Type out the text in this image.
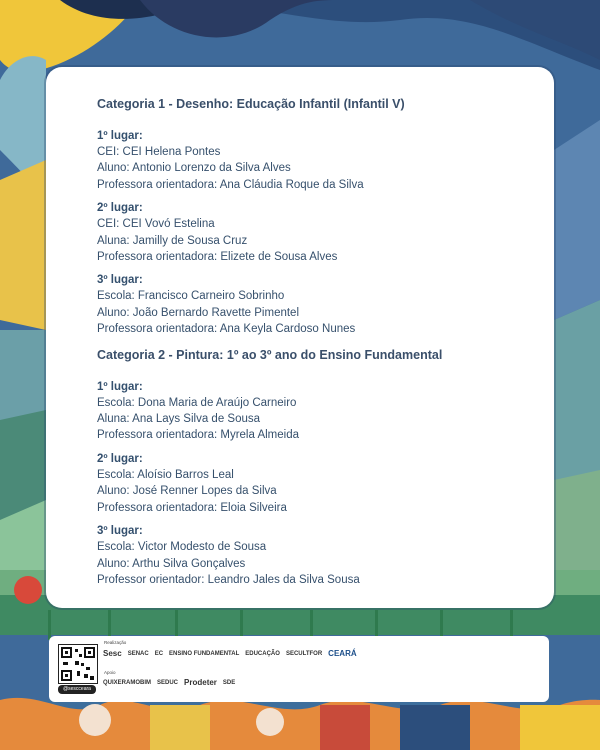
Categoria 1 - Desenho: Educação Infantil (Infantil V)
1º lugar:
CEI: CEI Helena Pontes
Aluno: Antonio Lorenzo da Silva Alves
Professora orientadora: Ana Cláudia Roque da Silva
2º lugar:
CEI: CEI Vovó Estelina
Aluna: Jamilly de Sousa Cruz
Professora orientadora: Elizete de Sousa Alves
3º lugar:
Escola: Francisco Carneiro Sobrinho
Aluno: João Bernardo Ravette Pimentel
Professora orientadora: Ana Keyla Cardoso Nunes
Categoria 2 - Pintura: 1º ao 3º ano do Ensino Fundamental
1º lugar:
Escola: Dona Maria de Araújo Carneiro
Aluna: Ana Lays Silva de Sousa
Professora orientadora: Myrela Almeida
2º lugar:
Escola: Aloísio Barros Leal
Aluno: José Renner Lopes da Silva
Professora orientadora: Eloia Silveira
3º lugar:
Escola: Victor Modesto de Sousa
Aluno: Arthu Silva Gonçalves
Professor orientador: Leandro Jales da Silva Sousa
@sescceara
Realização
Sesc SENAC EC ENSINO FUNDAMENTAL EDUCAÇÃO SECULTFOR CEARÁ
Apoio
QUIXERAMOBIM SEDUC Prodeter SDE
